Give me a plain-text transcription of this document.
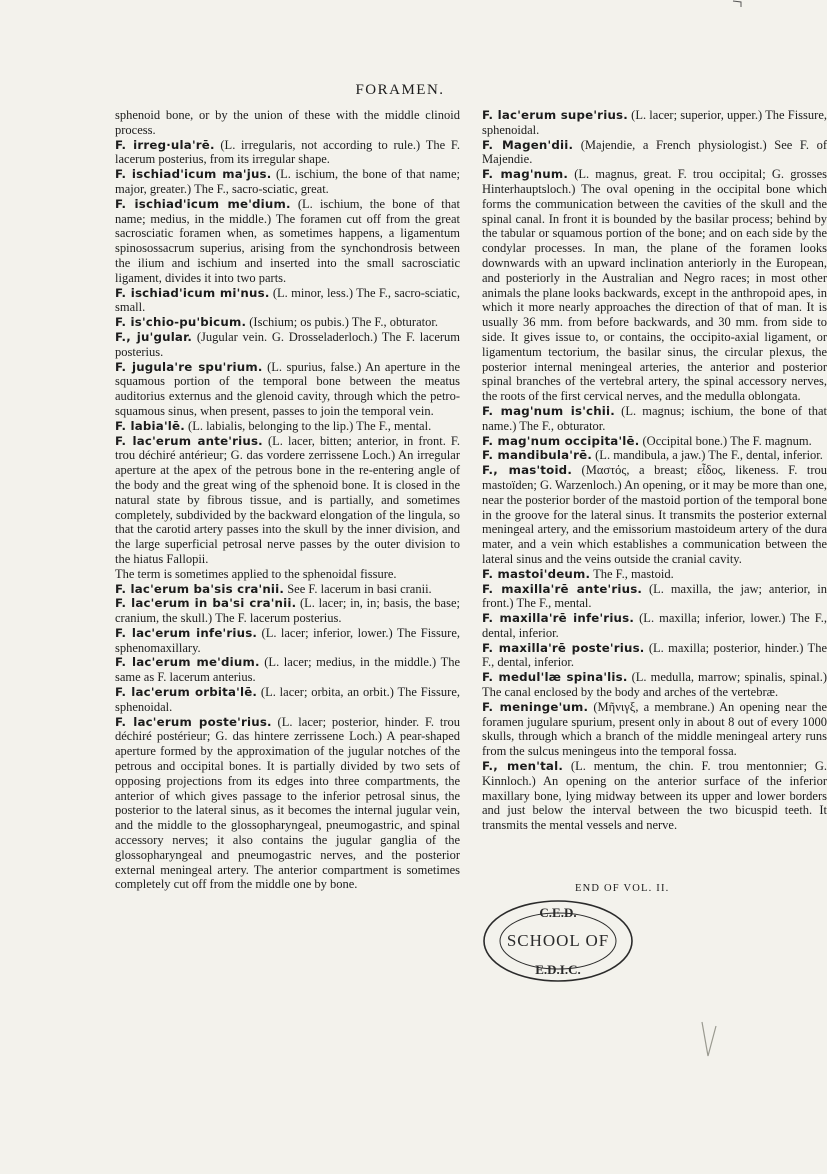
FORAMEN.

sphenoid bone, or by the union of these with the middle clinoid process.

F. irreg·ula'rē. (L. irregularis, not according to rule.) The F. lacerum posterius, from its irregular shape.

F. ischiad'icum ma'jus. (L. ischium, the bone of that name; major, greater.) The F., sacro-sciatic, great.

F. ischiad'icum me'dium. (L. ischium, the bone of that name; medius, in the middle.) The foramen cut off from the great sacrosciatic foramen when, as sometimes happens, a ligamentum spinosossacrum superius, arising from the synchondrosis between the ilium and ischium and inserted into the small sacrosciatic ligament, divides it into two parts.

F. ischiad'icum mi'nus. (L. minor, less.) The F., sacro-sciatic, small.

F. is'chio-pu'bicum. (Ischium; os pubis.) The F., obturator.

F., ju'gular. (Jugular vein. G. Drosseladerloch.) The F. lacerum posterius.

F. jugula're spu'rium. (L. spurius, false.) An aperture in the squamous portion of the temporal bone between the meatus auditorius externus and the glenoid cavity, through which the petro-squamous sinus, when present, passes to join the temporal vein.

F. labia'lē. (L. labialis, belonging to the lip.) The F., mental.

F. lac'erum ante'rius. (L. lacer, bitten; anterior, in front. F. trou déchiré antérieur; G. das vordere zerrissene Loch.) An irregular aperture at the apex of the petrous bone in the re-entering angle of the body and the great wing of the sphenoid bone. It is closed in the natural state by fibrous tissue, and is partially, and sometimes completely, subdivided by the backward elongation of the lingula, so that the carotid artery passes into the skull by the inner division, and the large superficial petrosal nerve passes by the outer division to the hiatus Fallopii.

The term is sometimes applied to the sphenoidal fissure.

F. lac'erum ba'sis cra'nii. See F. lacerum in basi cranii.

F. lac'erum in ba'si cra'nii. (L. lacer; in, in; basis, the base; cranium, the skull.) The F. lacerum posterius.

F. lac'erum infe'rius. (L. lacer; inferior, lower.) The Fissure, sphenomaxillary.

F. lac'erum me'dium. (L. lacer; medius, in the middle.) The same as F. lacerum anterius.

F. lac'erum orbita'lē. (L. lacer; orbita, an orbit.) The Fissure, sphenoidal.

F. lac'erum poste'rius. (L. lacer; posterior, hinder. F. trou déchiré postérieur; G. das hintere zerrissene Loch.) A pear-shaped aperture formed by the approximation of the jugular notches of the petrous and occipital bones. It is partially divided by two sets of opposing projections from its edges into three compartments, the anterior of which gives passage to the inferior petrosal sinus, the posterior to the lateral sinus, as it becomes the internal jugular vein, and the middle to the glossopharyngeal, pneumogastric, and spinal accessory nerves; it also contains the jugular ganglia of the glossopharyngeal and pneumogastric nerves, and the posterior external meningeal artery. The anterior compartment is sometimes completely cut off from the middle one by bone.

F. lac'erum supe'rius. (L. lacer; superior, upper.) The Fissure, sphenoidal.

F. Magen'dii. (Majendie, a French physiologist.) See F. of Majendie.

F. mag'num. (L. magnus, great. F. trou occipital; G. grosses Hinterhauptsloch.) The oval opening in the occipital bone which forms the communication between the cavities of the skull and the spinal canal. In front it is bounded by the basilar process; behind by the tabular or squamous portion of the bone; and on each side by the condylar processes. In man, the plane of the foramen looks downwards with an upward inclination anteriorly in the European, and posteriorly in the Australian and Negro races; in most other animals the plane looks backwards, except in the anthropoid apes, in which it more nearly approaches the direction of that of man. It is usually 36 mm. from before backwards, and 30 mm. from side to side. It gives issue to, or contains, the occipito-axial ligament, or ligamentum tectorium, the basilar sinus, the circular plexus, the posterior internal meningeal arteries, the anterior and posterior spinal branches of the vertebral artery, the spinal accessory nerves, the roots of the first cervical nerves, and the medulla oblongata.

F. mag'num is'chii. (L. magnus; ischium, the bone of that name.) The F., obturator.

F. mag'num occipita'lē. (Occipital bone.) The F. magnum.

F. mandibula'rē. (L. mandibula, a jaw.) The F., dental, inferior.

F., mas'toid. (Μαστός, a breast; εἶδος, likeness. F. trou mastoïden; G. Warzenloch.) An opening, or it may be more than one, near the posterior border of the mastoid portion of the temporal bone in the groove for the lateral sinus. It transmits the posterior external meningeal artery, and the emissorium mastoideum artery of the dura mater, and a vein which establishes a communication between the lateral sinus and the veins outside the cranial cavity.

F. mastoi'deum. The F., mastoid.

F. maxilla'rē ante'rius. (L. maxilla, the jaw; anterior, in front.) The F., mental.

F. maxilla'rē infe'rius. (L. maxilla; inferior, lower.) The F., dental, inferior.

F. maxilla'rē poste'rius. (L. maxilla; posterior, hinder.) The F., dental, inferior.

F. medul'læ spina'lis. (L. medulla, marrow; spinalis, spinal.) The canal enclosed by the body and arches of the vertebræ.

F. meninge'um. (Μῆνιγξ, a membrane.) An opening near the foramen jugulare spurium, present only in about 8 out of every 1000 skulls, through which a branch of the middle meningeal artery runs from the sulcus meningeus into the temporal fossa.

F., men'tal. (L. mentum, the chin. F. trou mentonnier; G. Kinnloch.) An opening on the anterior surface of the inferior maxillary bone, lying midway between its upper and lower borders and just below the interval between the two bicuspid teeth. It transmits the mental vessels and nerve.

END OF VOL. II.
C.E.D.
SCHOOL OF
E.D.I.C.
